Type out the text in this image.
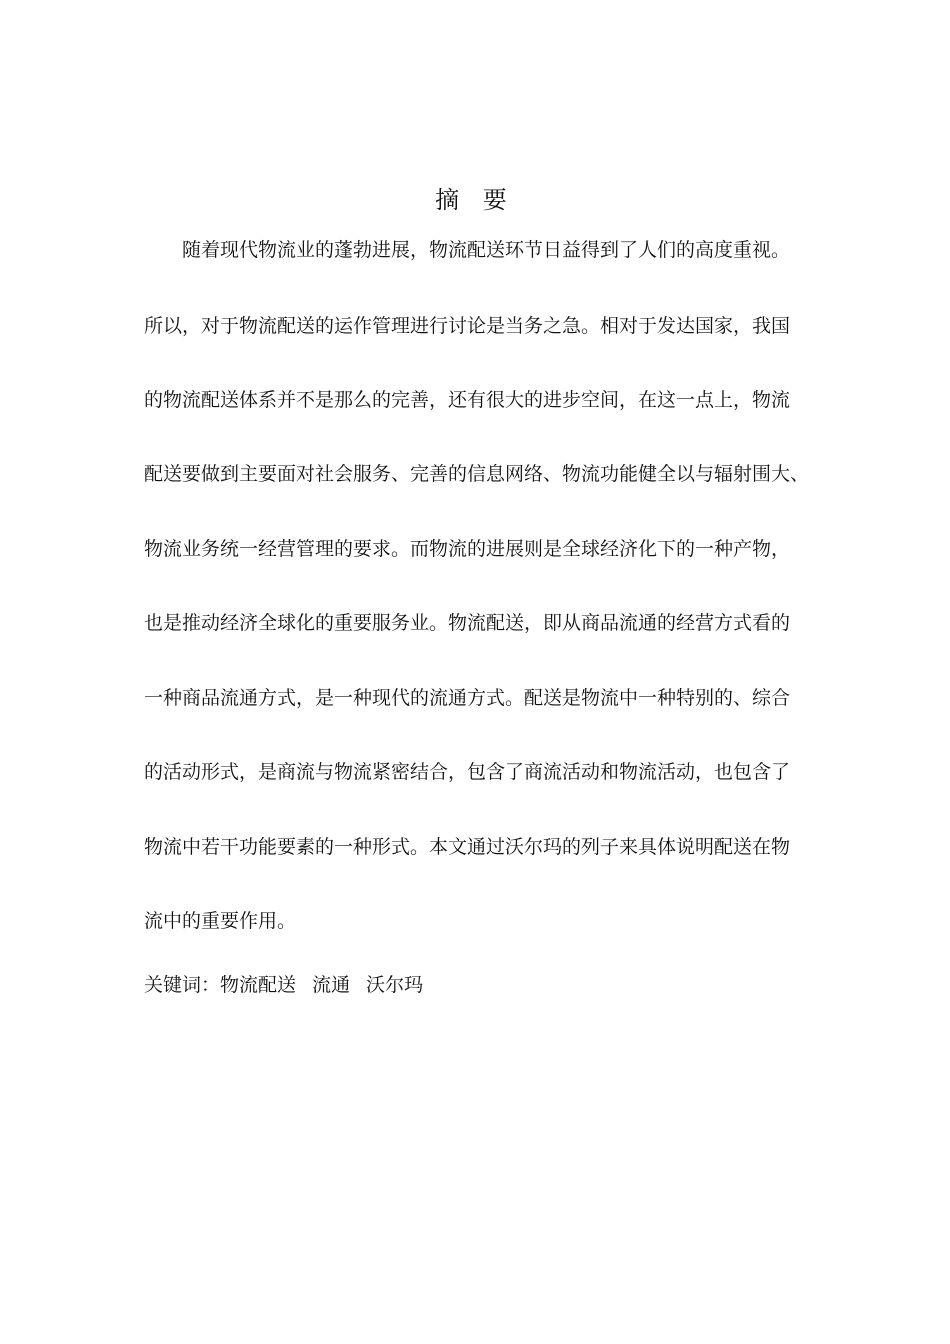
摘 要
　　随着现代物流业的蓬勃进展，物流配送环节日益得到了人们的高度重视。
所以，对于物流配送的运作管理进行讨论是当务之急。相对于发达国家，我国
的物流配送体系并不是那么的完善，还有很大的进步空间，在这一点上，物流
配送要做到主要面对社会服务、完善的信息网络、物流功能健全以与辐射围大、
物流业务统一经营管理的要求。而物流的进展则是全球经济化下的一种产物，
也是推动经济全球化的重要服务业。物流配送，即从商品流通的经营方式看的
一种商品流通方式，是一种现代的流通方式。配送是物流中一种特别的、综合
的活动形式，是商流与物流紧密结合，包含了商流活动和物流活动，也包含了
物流中若干功能要素的一种形式。本文通过沃尔玛的列子来具体说明配送在物
流中的重要作用。
关键词：物流配送 流通 沃尔玛
